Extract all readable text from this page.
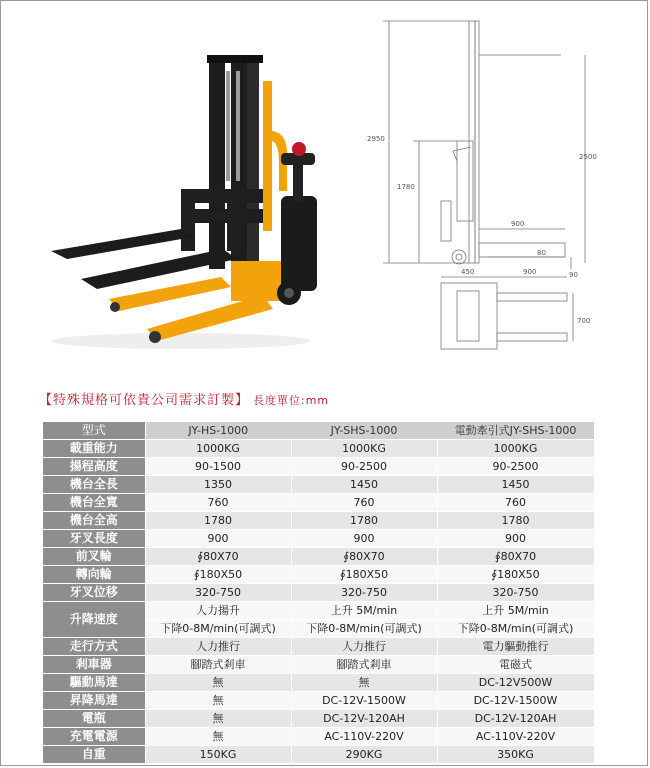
2950
1780
2500
900
80
90
450	900
700
【特殊規格可依貴公司需求訂製】 長度單位:mm
型式	JY-HS-1000	JY-SHS-1000	電動牽引式JY-SHS-1000
載重能力	1000KG	1000KG	1000KG
揚程高度	90-1500	90-2500	90-2500
機台全長	1350	1450	1450
機台全寬	760	760	760
機台全高	1780	1780	1780
牙叉長度	900	900	900
前叉輪	∮80X70	∮80X70	∮80X70
轉向輪	∮180X50	∮180X50	∮180X50
牙叉位移	320-750	320-750	320-750
升降速度	人力揚升	上升 5M/min	上升 5M/min
	下降0-8M/min(可調式)	下降0-8M/min(可調式)	下降0-8M/min(可調式)
走行方式	人力推行	人力推行	電力驅動推行
剎車器	腳踏式剎車	腳踏式剎車	電磁式
驅動馬達	無	無	DC-12V500W
昇降馬達	無	DC-12V-1500W	DC-12V-1500W
電瓶	無	DC-12V-120AH	DC-12V-120AH
充電電源	無	AC-110V-220V	AC-110V-220V
自重	150KG	290KG	350KG
